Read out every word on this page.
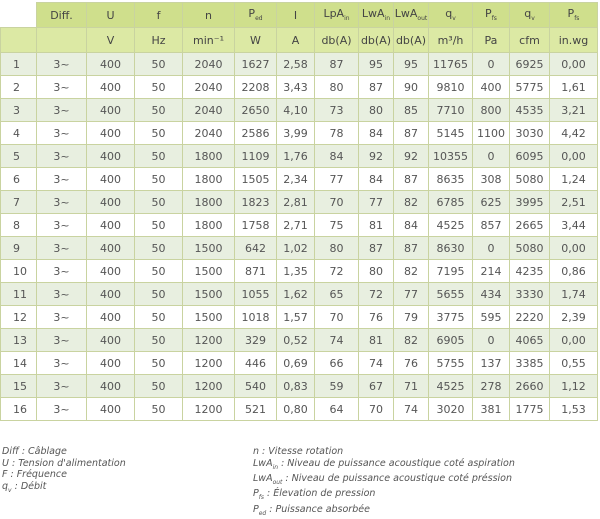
	Diff.	U	f	n	$P_{ed}$	I	LpA$_{in}$	LwA$_{in}$	LwA$_{out}$	$q_v$	$P_{fs}$	$q_v$	$P_{fs}$
		V	Hz	min⁻¹	W	A	db(A)	db(A)	db(A)	m³/h	Pa	cfm	in.wg
1	3~	400	50	2040	1627	2,58	87	95	95	11765	0	6925	0,00
2	3~	400	50	2040	2208	3,43	80	87	90	9810	400	5775	1,61
3	3~	400	50	2040	2650	4,10	73	80	85	7710	800	4535	3,21
4	3~	400	50	2040	2586	3,99	78	84	87	5145	1100	3030	4,42
5	3~	400	50	1800	1109	1,76	84	92	92	10355	0	6095	0,00
6	3~	400	50	1800	1505	2,34	77	84	87	8635	308	5080	1,24
7	3~	400	50	1800	1823	2,81	70	77	82	6785	625	3995	2,51
8	3~	400	50	1800	1758	2,71	75	81	84	4525	857	2665	3,44
9	3~	400	50	1500	642	1,02	80	87	87	8630	0	5080	0,00
10	3~	400	50	1500	871	1,35	72	80	82	7195	214	4235	0,86
11	3~	400	50	1500	1055	1,62	65	72	77	5655	434	3330	1,74
12	3~	400	50	1500	1018	1,57	70	76	79	3775	595	2220	2,39
13	3~	400	50	1200	329	0,52	74	81	82	6905	0	4065	0,00
14	3~	400	50	1200	446	0,69	66	74	76	5755	137	3385	0,55
15	3~	400	50	1200	540	0,83	59	67	71	4525	278	2660	1,12
16	3~	400	50	1200	521	0,80	64	70	74	3020	381	1775	1,53
Diff : Câblage
U : Tension d'alimentation
F : Fréquence
$q_v$ : Débit
n : Vitesse rotation
LwA$_{in}$ : Niveau de puissance acoustique coté aspiration
LwA$_{out}$ : Niveau de puissance acoustique coté préssion
$P_{fs}$ : Élevation de pression
$P_{ed}$ : Puissance absorbée
